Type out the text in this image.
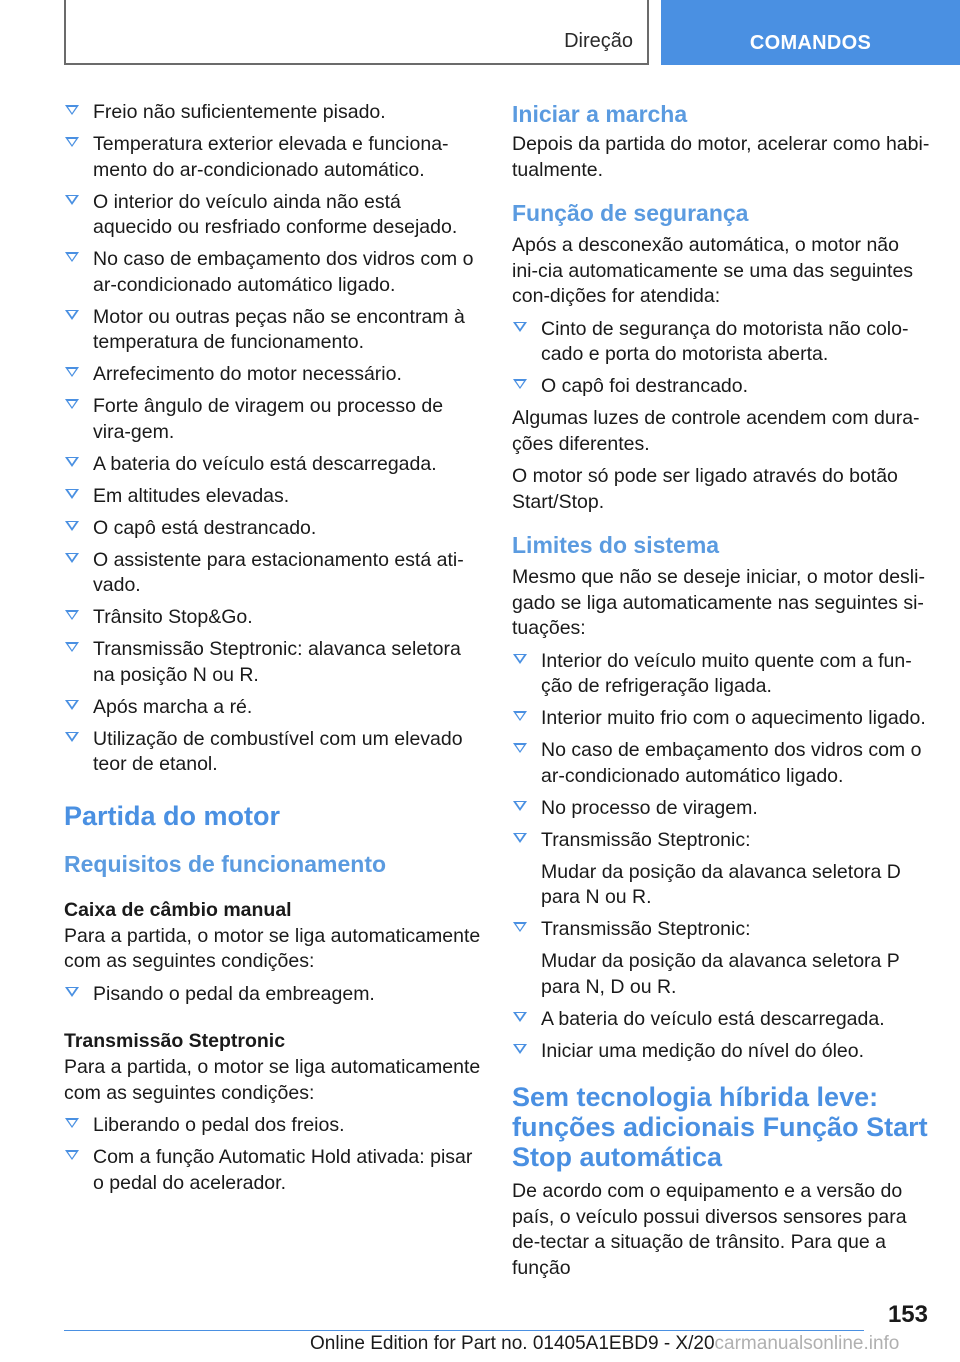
Direção	COMANDOS
Freio não suficientemente pisado.
Temperatura exterior elevada e funciona-mento do ar-condicionado automático.
O interior do veículo ainda não está aquecido ou resfriado conforme desejado.
No caso de embaçamento dos vidros com o ar-condicionado automático ligado.
Motor ou outras peças não se encontram à temperatura de funcionamento.
Arrefecimento do motor necessário.
Forte ângulo de viragem ou processo de vira-gem.
A bateria do veículo está descarregada.
Em altitudes elevadas.
O capô está destrancado.
O assistente para estacionamento está ati-vado.
Trânsito Stop&Go.
Transmissão Steptronic: alavanca seletora na posição N ou R.
Após marcha a ré.
Utilização de combustível com um elevado teor de etanol.
Partida do motor
Requisitos de funcionamento
Caixa de câmbio manual

Para a partida, o motor se liga automaticamente com as seguintes condições:

Pisando o pedal da embreagem.
Transmissão Steptronic

Para a partida, o motor se liga automaticamente com as seguintes condições:

Liberando o pedal dos freios.
Com a função Automatic Hold ativada: pisar o pedal do acelerador.
Iniciar a marcha

Depois da partida do motor, acelerar como habi-tualmente.

Função de segurança

Após a desconexão automática, o motor não ini-cia automaticamente se uma das seguintes con-dições for atendida:

Cinto de segurança do motorista não colo-cado e porta do motorista aberta.
O capô foi destrancado.

Algumas luzes de controle acendem com dura-ções diferentes.

O motor só pode ser ligado através do botão Start/Stop.

Limites do sistema

Mesmo que não se deseje iniciar, o motor desli-gado se liga automaticamente nas seguintes si-tuações:

Interior do veículo muito quente com a fun-ção de refrigeração ligada.
Interior muito frio com o aquecimento ligado.
No caso de embaçamento dos vidros com o ar-condicionado automático ligado.
No processo de viragem.
Transmissão Steptronic:

Mudar da posição da alavanca seletora D para N ou R.

Transmissão Steptronic:

Mudar da posição da alavanca seletora P para N, D ou R.

A bateria do veículo está descarregada.
Iniciar uma medição do nível do óleo.
Sem tecnologia híbrida leve: funções adicionais Função Start Stop automática

De acordo com o equipamento e a versão do país, o veículo possui diversos sensores para de-tectar a situação de trânsito. Para que a função

153
Online Edition for Part no. 01405A1EBD9 - X/20carmanualsonline.info
